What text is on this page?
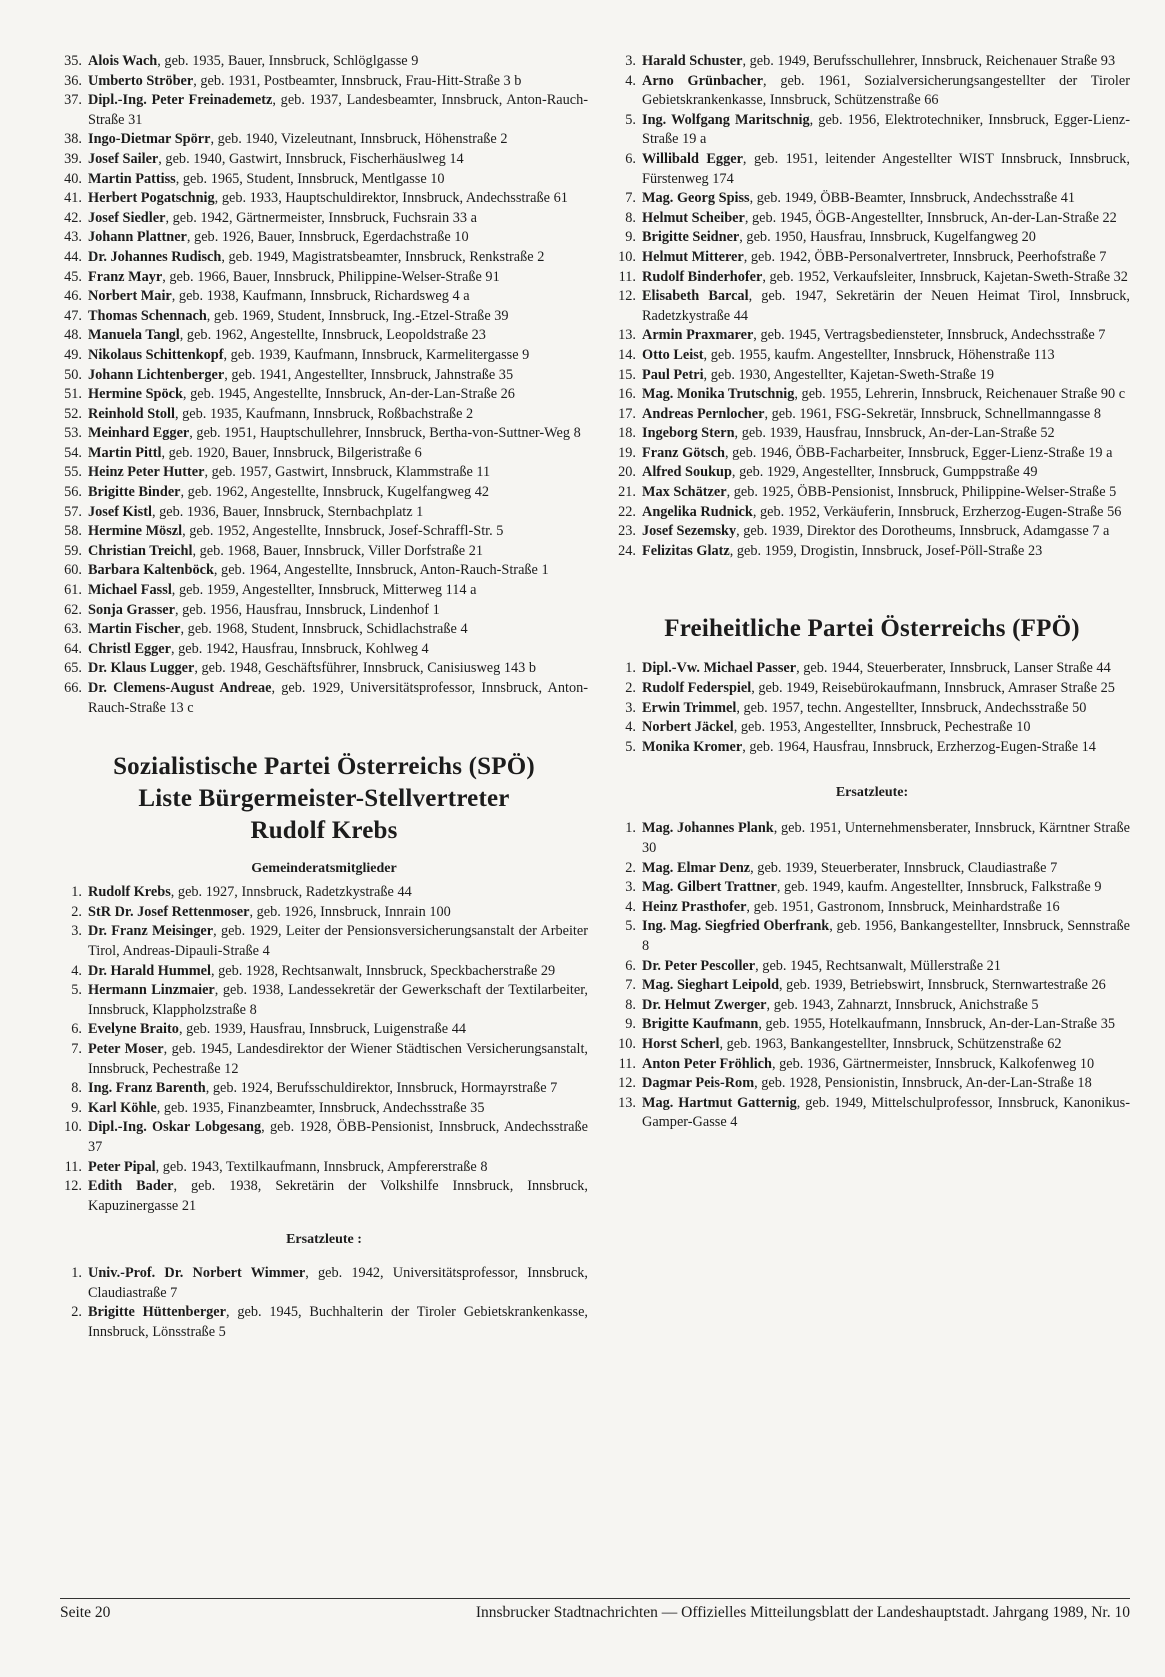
35. Alois Wach, geb. 1935, Bauer, Innsbruck, Schlöglgasse 9
36. Umberto Ströber, geb. 1931, Postbeamter, Innsbruck, Frau-Hitt-Straße 3 b
37. Dipl.-Ing. Peter Freinademetz, geb. 1937, Landesbeamter, Innsbruck, Anton-Rauch-Straße 31
38. Ingo-Dietmar Spörr, geb. 1940, Vizeleutnant, Innsbruck, Höhenstraße 2
39. Josef Sailer, geb. 1940, Gastwirt, Innsbruck, Fischerhäuslweg 14
40. Martin Pattiss, geb. 1965, Student, Innsbruck, Mentlgasse 10
41. Herbert Pogatschnig, geb. 1933, Hauptschuldirektor, Innsbruck, Andechsstraße 61
42. Josef Siedler, geb. 1942, Gärtnermeister, Innsbruck, Fuchsrain 33 a
43. Johann Plattner, geb. 1926, Bauer, Innsbruck, Egerdachstraße 10
44. Dr. Johannes Rudisch, geb. 1949, Magistratsbeamter, Innsbruck, Renkstraße 2
45. Franz Mayr, geb. 1966, Bauer, Innsbruck, Philippine-Welser-Straße 91
46. Norbert Mair, geb. 1938, Kaufmann, Innsbruck, Richardsweg 4 a
47. Thomas Schennach, geb. 1969, Student, Innsbruck, Ing.-Etzel-Straße 39
48. Manuela Tangl, geb. 1962, Angestellte, Innsbruck, Leopoldstraße 23
49. Nikolaus Schittenkopf, geb. 1939, Kaufmann, Innsbruck, Karmelitergasse 9
50. Johann Lichtenberger, geb. 1941, Angestellter, Innsbruck, Jahnstraße 35
51. Hermine Spöck, geb. 1945, Angestellte, Innsbruck, An-der-Lan-Straße 26
52. Reinhold Stoll, geb. 1935, Kaufmann, Innsbruck, Roßbachstraße 2
53. Meinhard Egger, geb. 1951, Hauptschullehrer, Innsbruck, Bertha-von-Suttner-Weg 8
54. Martin Pittl, geb. 1920, Bauer, Innsbruck, Bilgeristraße 6
55. Heinz Peter Hutter, geb. 1957, Gastwirt, Innsbruck, Klammstraße 11
56. Brigitte Binder, geb. 1962, Angestellte, Innsbruck, Kugelfangweg 42
57. Josef Kistl, geb. 1936, Bauer, Innsbruck, Sternbachplatz 1
58. Hermine Möszl, geb. 1952, Angestellte, Innsbruck, Josef-Schraffl-Str. 5
59. Christian Treichl, geb. 1968, Bauer, Innsbruck, Viller Dorfstraße 21
60. Barbara Kaltenböck, geb. 1964, Angestellte, Innsbruck, Anton-Rauch-Straße 1
61. Michael Fassl, geb. 1959, Angestellter, Innsbruck, Mitterweg 114 a
62. Sonja Grasser, geb. 1956, Hausfrau, Innsbruck, Lindenhof 1
63. Martin Fischer, geb. 1968, Student, Innsbruck, Schidlachstraße 4
64. Christl Egger, geb. 1942, Hausfrau, Innsbruck, Kohlweg 4
65. Dr. Klaus Lugger, geb. 1948, Geschäftsführer, Innsbruck, Canisiusweg 143 b
66. Dr. Clemens-August Andreae, geb. 1929, Universitätsprofessor, Innsbruck, Anton-Rauch-Straße 13 c
Sozialistische Partei Österreichs (SPÖ)
Liste Bürgermeister-Stellvertreter
Rudolf Krebs
Gemeinderatsmitglieder
1. Rudolf Krebs, geb. 1927, Innsbruck, Radetzkystraße 44
2. StR Dr. Josef Rettenmoser, geb. 1926, Innsbruck, Innrain 100
3. Dr. Franz Meisinger, geb. 1929, Leiter der Pensionsversicherungsanstalt der Arbeiter Tirol, Andreas-Dipauli-Straße 4
4. Dr. Harald Hummel, geb. 1928, Rechtsanwalt, Innsbruck, Speckbacherstraße 29
5. Hermann Linzmaier, geb. 1938, Landessekretär der Gewerkschaft der Textilarbeiter, Innsbruck, Klappholzstraße 8
6. Evelyne Braito, geb. 1939, Hausfrau, Innsbruck, Luigenstraße 44
7. Peter Moser, geb. 1945, Landesdirektor der Wiener Städtischen Versicherungsanstalt, Innsbruck, Pechestraße 12
8. Ing. Franz Barenth, geb. 1924, Berufsschuldirektor, Innsbruck, Hormayrstraße 7
9. Karl Köhle, geb. 1935, Finanzbeamter, Innsbruck, Andechsstraße 35
10. Dipl.-Ing. Oskar Lobgesang, geb. 1928, ÖBB-Pensionist, Innsbruck, Andechsstraße 37
11. Peter Pipal, geb. 1943, Textilkaufmann, Innsbruck, Ampfererstraße 8
12. Edith Bader, geb. 1938, Sekretärin der Volkshilfe Innsbruck, Innsbruck, Kapuzinergasse 21
Ersatzleute :
1. Univ.-Prof. Dr. Norbert Wimmer, geb. 1942, Universitätsprofessor, Innsbruck, Claudiastraße 7
2. Brigitte Hüttenberger, geb. 1945, Buchhalterin der Tiroler Gebietskrankenkasse, Innsbruck, Lönsstraße 5
3. Harald Schuster, geb. 1949, Berufsschullehrer, Innsbruck, Reichenauer Straße 93
4. Arno Grünbacher, geb. 1961, Sozialversicherungsangestellter der Tiroler Gebietskrankenkasse, Innsbruck, Schützenstraße 66
5. Ing. Wolfgang Maritschnig, geb. 1956, Elektrotechniker, Innsbruck, Egger-Lienz-Straße 19 a
6. Willibald Egger, geb. 1951, leitender Angestellter WIST Innsbruck, Innsbruck, Fürstenweg 174
7. Mag. Georg Spiss, geb. 1949, ÖBB-Beamter, Innsbruck, Andechsstraße 41
8. Helmut Scheiber, geb. 1945, ÖGB-Angestellter, Innsbruck, An-der-Lan-Straße 22
9. Brigitte Seidner, geb. 1950, Hausfrau, Innsbruck, Kugelfangweg 20
10. Helmut Mitterer, geb. 1942, ÖBB-Personalvertreter, Innsbruck, Peerhofstraße 7
11. Rudolf Binderhofer, geb. 1952, Verkaufsleiter, Innsbruck, Kajetan-Sweth-Straße 32
12. Elisabeth Barcal, geb. 1947, Sekretärin der Neuen Heimat Tirol, Innsbruck, Radetzkystraße 44
13. Armin Praxmarer, geb. 1945, Vertragsbediensteter, Innsbruck, Andechsstraße 7
14. Otto Leist, geb. 1955, kaufm. Angestellter, Innsbruck, Höhenstraße 113
15. Paul Petri, geb. 1930, Angestellter, Kajetan-Sweth-Straße 19
16. Mag. Monika Trutschnig, geb. 1955, Lehrerin, Innsbruck, Reichenauer Straße 90 c
17. Andreas Pernlocher, geb. 1961, FSG-Sekretär, Innsbruck, Schnellmanngasse 8
18. Ingeborg Stern, geb. 1939, Hausfrau, Innsbruck, An-der-Lan-Straße 52
19. Franz Götsch, geb. 1946, ÖBB-Facharbeiter, Innsbruck, Egger-Lienz-Straße 19 a
20. Alfred Soukup, geb. 1929, Angestellter, Innsbruck, Gumppstraße 49
21. Max Schätzer, geb. 1925, ÖBB-Pensionist, Innsbruck, Philippine-Welser-Straße 5
22. Angelika Rudnick, geb. 1952, Verkäuferin, Innsbruck, Erzherzog-Eugen-Straße 56
23. Josef Sezemsky, geb. 1939, Direktor des Dorotheums, Innsbruck, Adamgasse 7 a
24. Felizitas Glatz, geb. 1959, Drogistin, Innsbruck, Josef-Pöll-Straße 23
Freiheitliche Partei Österreichs (FPÖ)
1. Dipl.-Vw. Michael Passer, geb. 1944, Steuerberater, Innsbruck, Lanser Straße 44
2. Rudolf Federspiel, geb. 1949, Reisebürokaufmann, Innsbruck, Amraser Straße 25
3. Erwin Trimmel, geb. 1957, techn. Angestellter, Innsbruck, Andechsstraße 50
4. Norbert Jäckel, geb. 1953, Angestellter, Innsbruck, Pechestraße 10
5. Monika Kromer, geb. 1964, Hausfrau, Innsbruck, Erzherzog-Eugen-Straße 14
Ersatzleute:
1. Mag. Johannes Plank, geb. 1951, Unternehmensberater, Innsbruck, Kärntner Straße 30
2. Mag. Elmar Denz, geb. 1939, Steuerberater, Innsbruck, Claudiastraße 7
3. Mag. Gilbert Trattner, geb. 1949, kaufm. Angestellter, Innsbruck, Falkstraße 9
4. Heinz Prasthofer, geb. 1951, Gastronom, Innsbruck, Meinhardstraße 16
5. Ing. Mag. Siegfried Oberfrank, geb. 1956, Bankangestellter, Innsbruck, Sennstraße 8
6. Dr. Peter Pescoller, geb. 1945, Rechtsanwalt, Müllerstraße 21
7. Mag. Sieghart Leipold, geb. 1939, Betriebswirt, Innsbruck, Sternwartestraße 26
8. Dr. Helmut Zwerger, geb. 1943, Zahnarzt, Innsbruck, Anichstraße 5
9. Brigitte Kaufmann, geb. 1955, Hotelkaufmann, Innsbruck, An-der-Lan-Straße 35
10. Horst Scherl, geb. 1963, Bankangestellter, Innsbruck, Schützenstraße 62
11. Anton Peter Fröhlich, geb. 1936, Gärtnermeister, Innsbruck, Kalkofenweg 10
12. Dagmar Peis-Rom, geb. 1928, Pensionistin, Innsbruck, An-der-Lan-Straße 18
13. Mag. Hartmut Gatternig, geb. 1949, Mittelschulprofessor, Innsbruck, Kanonikus-Gamper-Gasse 4
Seite 20	Innsbrucker Stadtnachrichten — Offizielles Mitteilungsblatt der Landeshauptstadt. Jahrgang 1989, Nr. 10
